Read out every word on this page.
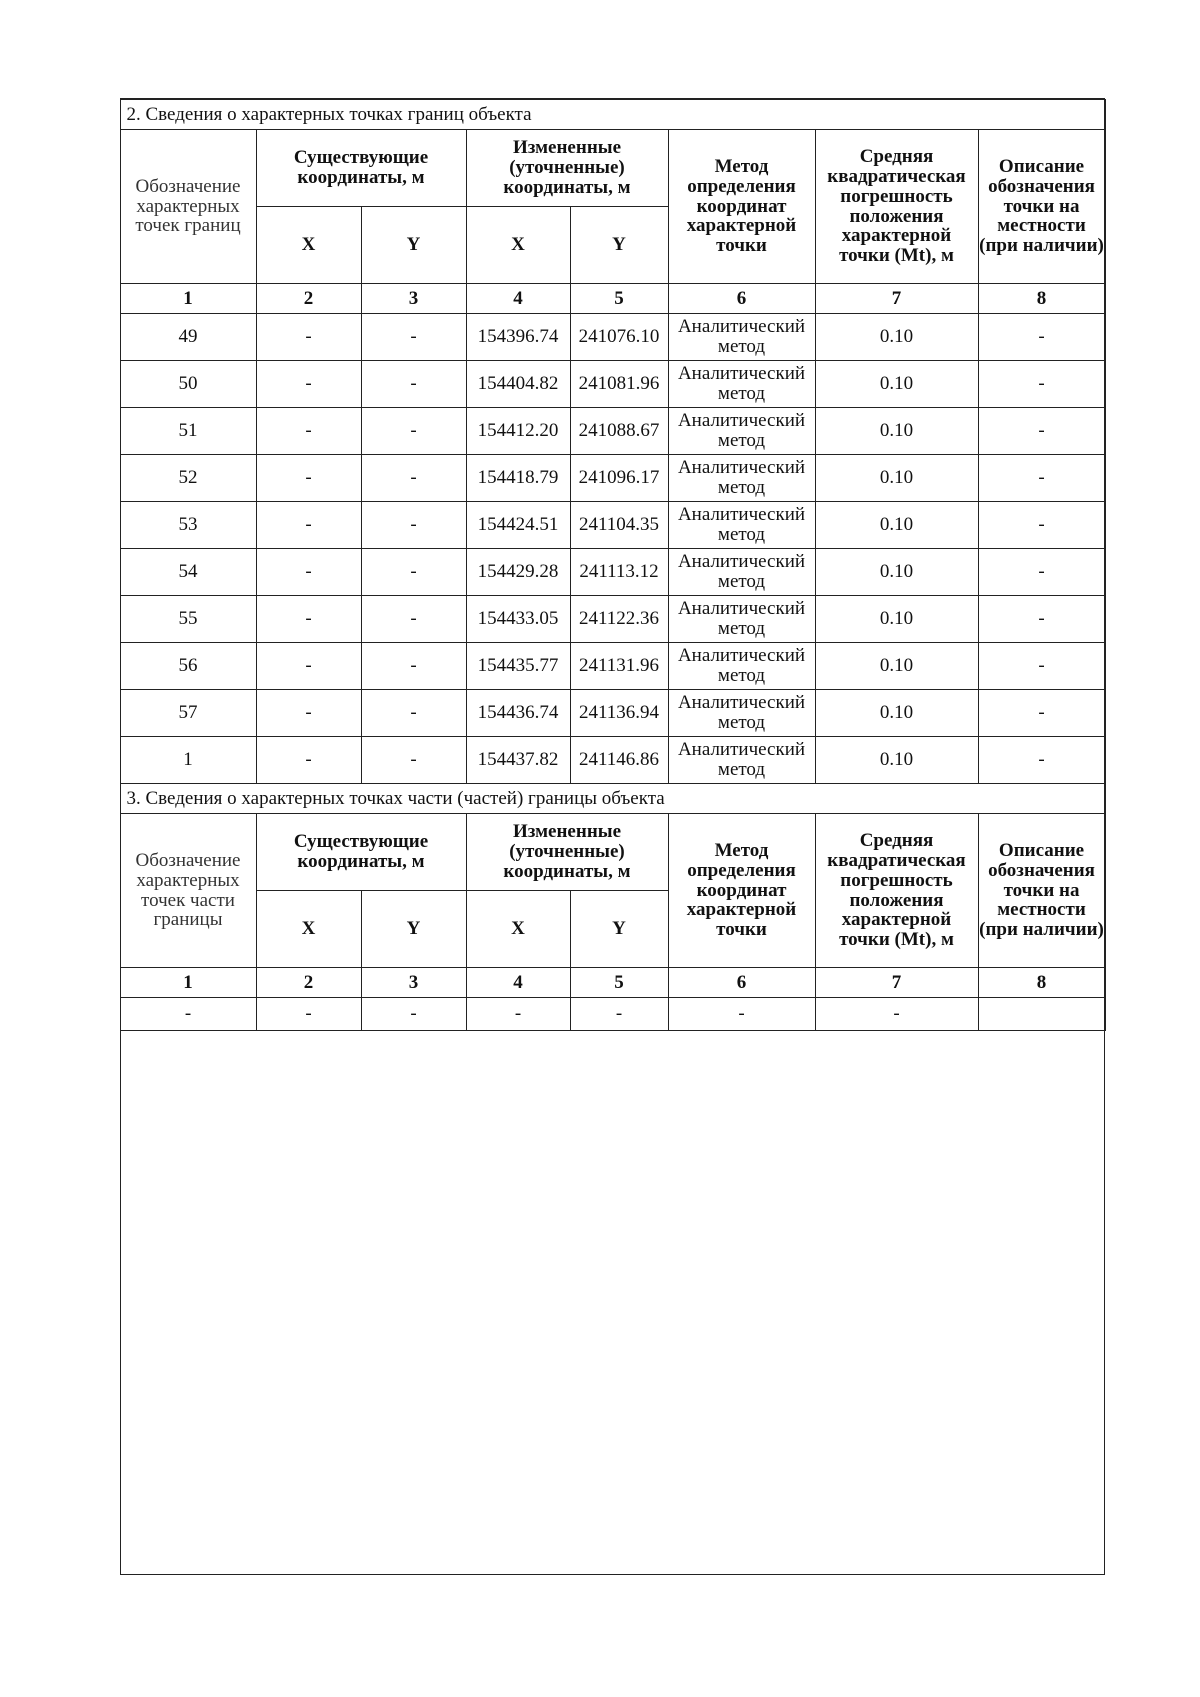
2. Сведения о характерных точках границ объекта							
Обозначение характерных точек границ	Существующие координаты, м		Измененные (уточненные) координаты, м		Метод определения координат характерной точки	Средняя квадратическая погрешность положения характерной точки (Mt), м	Описание обозначения точки на местности (при наличии)
	X	Y	X	Y			
1	2	3	4	5	6	7	8
49	-	-	154396.74	241076.10	Аналитический метод	0.10	-
50	-	-	154404.82	241081.96	Аналитический метод	0.10	-
51	-	-	154412.20	241088.67	Аналитический метод	0.10	-
52	-	-	154418.79	241096.17	Аналитический метод	0.10	-
53	-	-	154424.51	241104.35	Аналитический метод	0.10	-
54	-	-	154429.28	241113.12	Аналитический метод	0.10	-
55	-	-	154433.05	241122.36	Аналитический метод	0.10	-
56	-	-	154435.77	241131.96	Аналитический метод	0.10	-
57	-	-	154436.74	241136.94	Аналитический метод	0.10	-
1	-	-	154437.82	241146.86	Аналитический метод	0.10	-
3. Сведения о характерных точках части (частей) границы объекта							
Обозначение характерных точек части границы	Существующие координаты, м		Измененные (уточненные) координаты, м		Метод определения координат характерной точки	Средняя квадратическая погрешность положения характерной точки (Mt), м	Описание обозначения точки на местности (при наличии)
	X	Y	X	Y			
1	2	3	4	5	6	7	8
-	-	-	-	-	-	-	
